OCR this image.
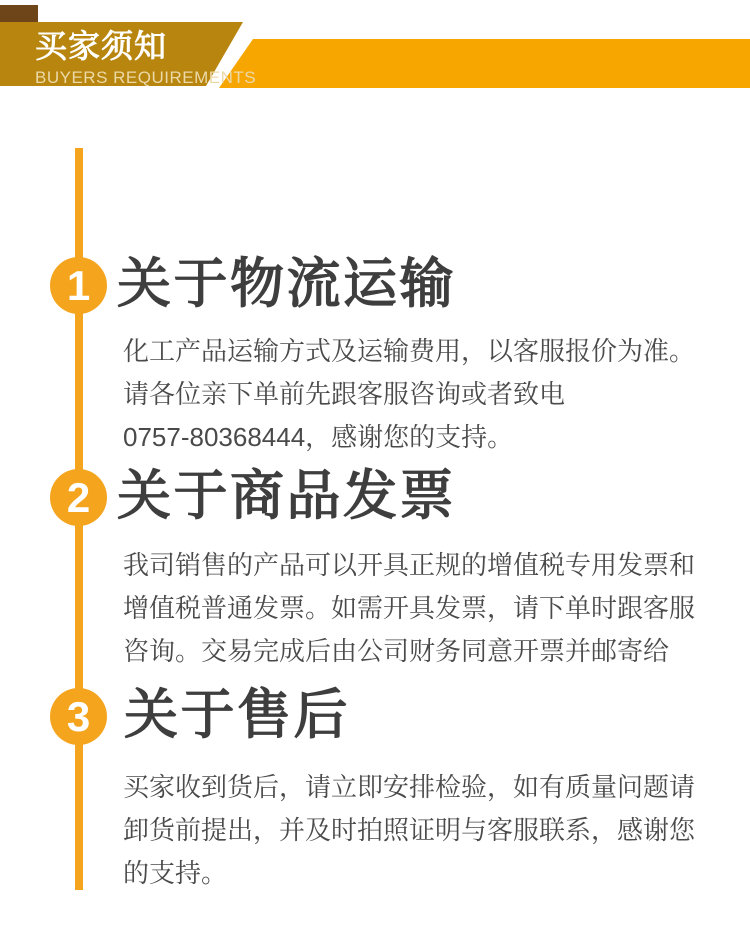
买家须知
BUYERS REQUIREMENTS
1 关于物流运输
化工产品运输方式及运输费用，以客服报价为准。
请各位亲下单前先跟客服咨询或者致电
0757-80368444，感谢您的支持。
2 关于商品发票
我司销售的产品可以开具正规的增值税专用发票和
增值税普通发票。如需开具发票，请下单时跟客服
咨询。交易完成后由公司财务同意开票并邮寄给
3 关于售后
买家收到货后，请立即安排检验，如有质量问题请
卸货前提出，并及时拍照证明与客服联系，感谢您
的支持。
